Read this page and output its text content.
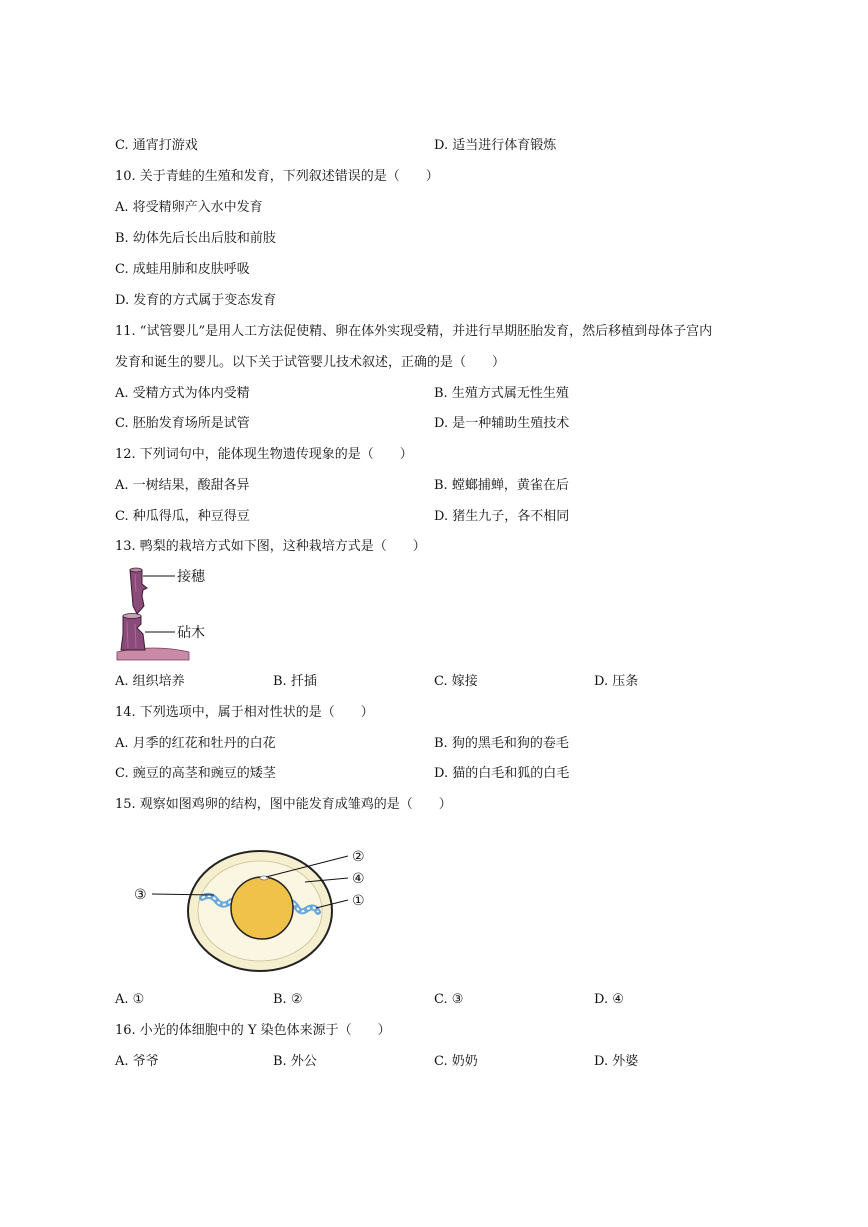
C. 通宵打游戏	D. 适当进行体育锻炼
10. 关于青蛙的生殖和发育，下列叙述错误的是（　　）
A. 将受精卵产入水中发育
B. 幼体先后长出后肢和前肢
C. 成蛙用肺和皮肤呼吸
D. 发育的方式属于变态发育
11. “试管婴儿”是用人工方法促使精、卵在体外实现受精，并进行早期胚胎发育，然后移植到母体子宫内
发育和诞生的婴儿。以下关于试管婴儿技术叙述，正确的是（　　）
A. 受精方式为体内受精	B. 生殖方式属无性生殖
C. 胚胎发育场所是试管	D. 是一种辅助生殖技术
12. 下列词句中，能体现生物遗传现象的是（　　）
A. 一树结果，酸甜各异	B. 螳螂捕蝉，黄雀在后
C. 种瓜得瓜，种豆得豆	D. 猪生九子，各不相同
13. 鸭梨的栽培方式如下图，这种栽培方式是（　　）
接穗
砧木
A. 组织培养	B. 扦插	C. 嫁接	D. 压条
14. 下列选项中，属于相对性状的是（　　）
A. 月季的红花和牡丹的白花	B. 狗的黑毛和狗的卷毛
C. 豌豆的高茎和豌豆的矮茎	D. 猫的白毛和狐的白毛
15. 观察如图鸡卵的结构，图中能发育成雏鸡的是（　　）
②
④
①
③
A. ①	B. ②	C. ③	D. ④
16. 小光的体细胞中的 Y 染色体来源于（　　）
A. 爷爷	B. 外公	C. 奶奶	D. 外婆
